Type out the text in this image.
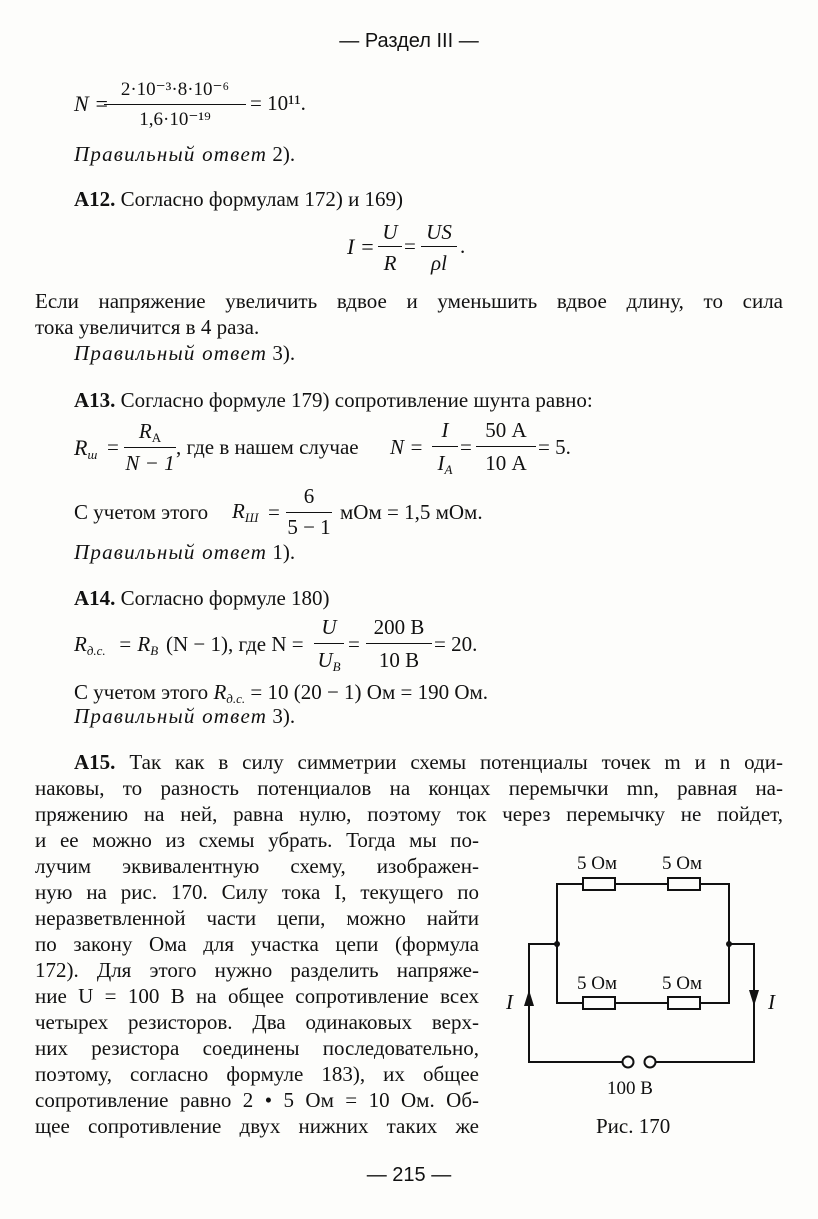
— Раздел III —
N =
2·10⁻³·8·10⁻⁶
1,6·10⁻¹⁹
= 10¹¹.
Правильный ответ 2).
А12. Согласно формулам 172) и 169)
I =
U
R
=
US
ρl
.
Если напряжение увеличить вдвое и уменьшить вдвое длину, то сила
тока увеличится в 4 раза.
Правильный ответ 3).
А13. Согласно формуле 179) сопротивление шунта равно:
$R_ш$ =
$R_A$
N − 1
, где в нашем случае N =
I
$I_A$
=
50 А
10 А
= 5.
С учетом этого $R_Ш$ =
6
5 − 1
мОм = 1,5 мОм.
Правильный ответ 1).
А14. Согласно формуле 180)
$R_{д.с.} = R_B$ (N − 1), где N =
U
$U_B$
=
200 B
10 B
= 20.
С учетом этого $R_{д.с.} = 10$ (20 − 1) Ом = 190 Ом.
Правильный ответ 3).
А15. Так как в силу симметрии схемы потенциалы точек m и n оди-
наковы, то разность потенциалов на концах перемычки mn, равная на-
пряжению на ней, равна нулю, поэтому ток через перемычку не пойдет,
и ее можно из схемы убрать. Тогда мы по-
лучим эквивалентную схему, изображен-
ную на рис. 170. Силу тока I, текущего по
неразветвленной части цепи, можно найти
по закону Ома для участка цепи (формула
172). Для этого нужно разделить напряже-
ние U = 100 В на общее сопротивление всех
четырех резисторов. Два одинаковых верх-
них резистора соединены последовательно,
поэтому, согласно формуле 183), их общее
сопротивление равно 2 • 5 Ом = 10 Ом. Об-
щее сопротивление двух нижних таких же
5 Ом 5 Ом
5 Ом 5 Ом
I	I
100 В
Рис. 170
— 215 —
